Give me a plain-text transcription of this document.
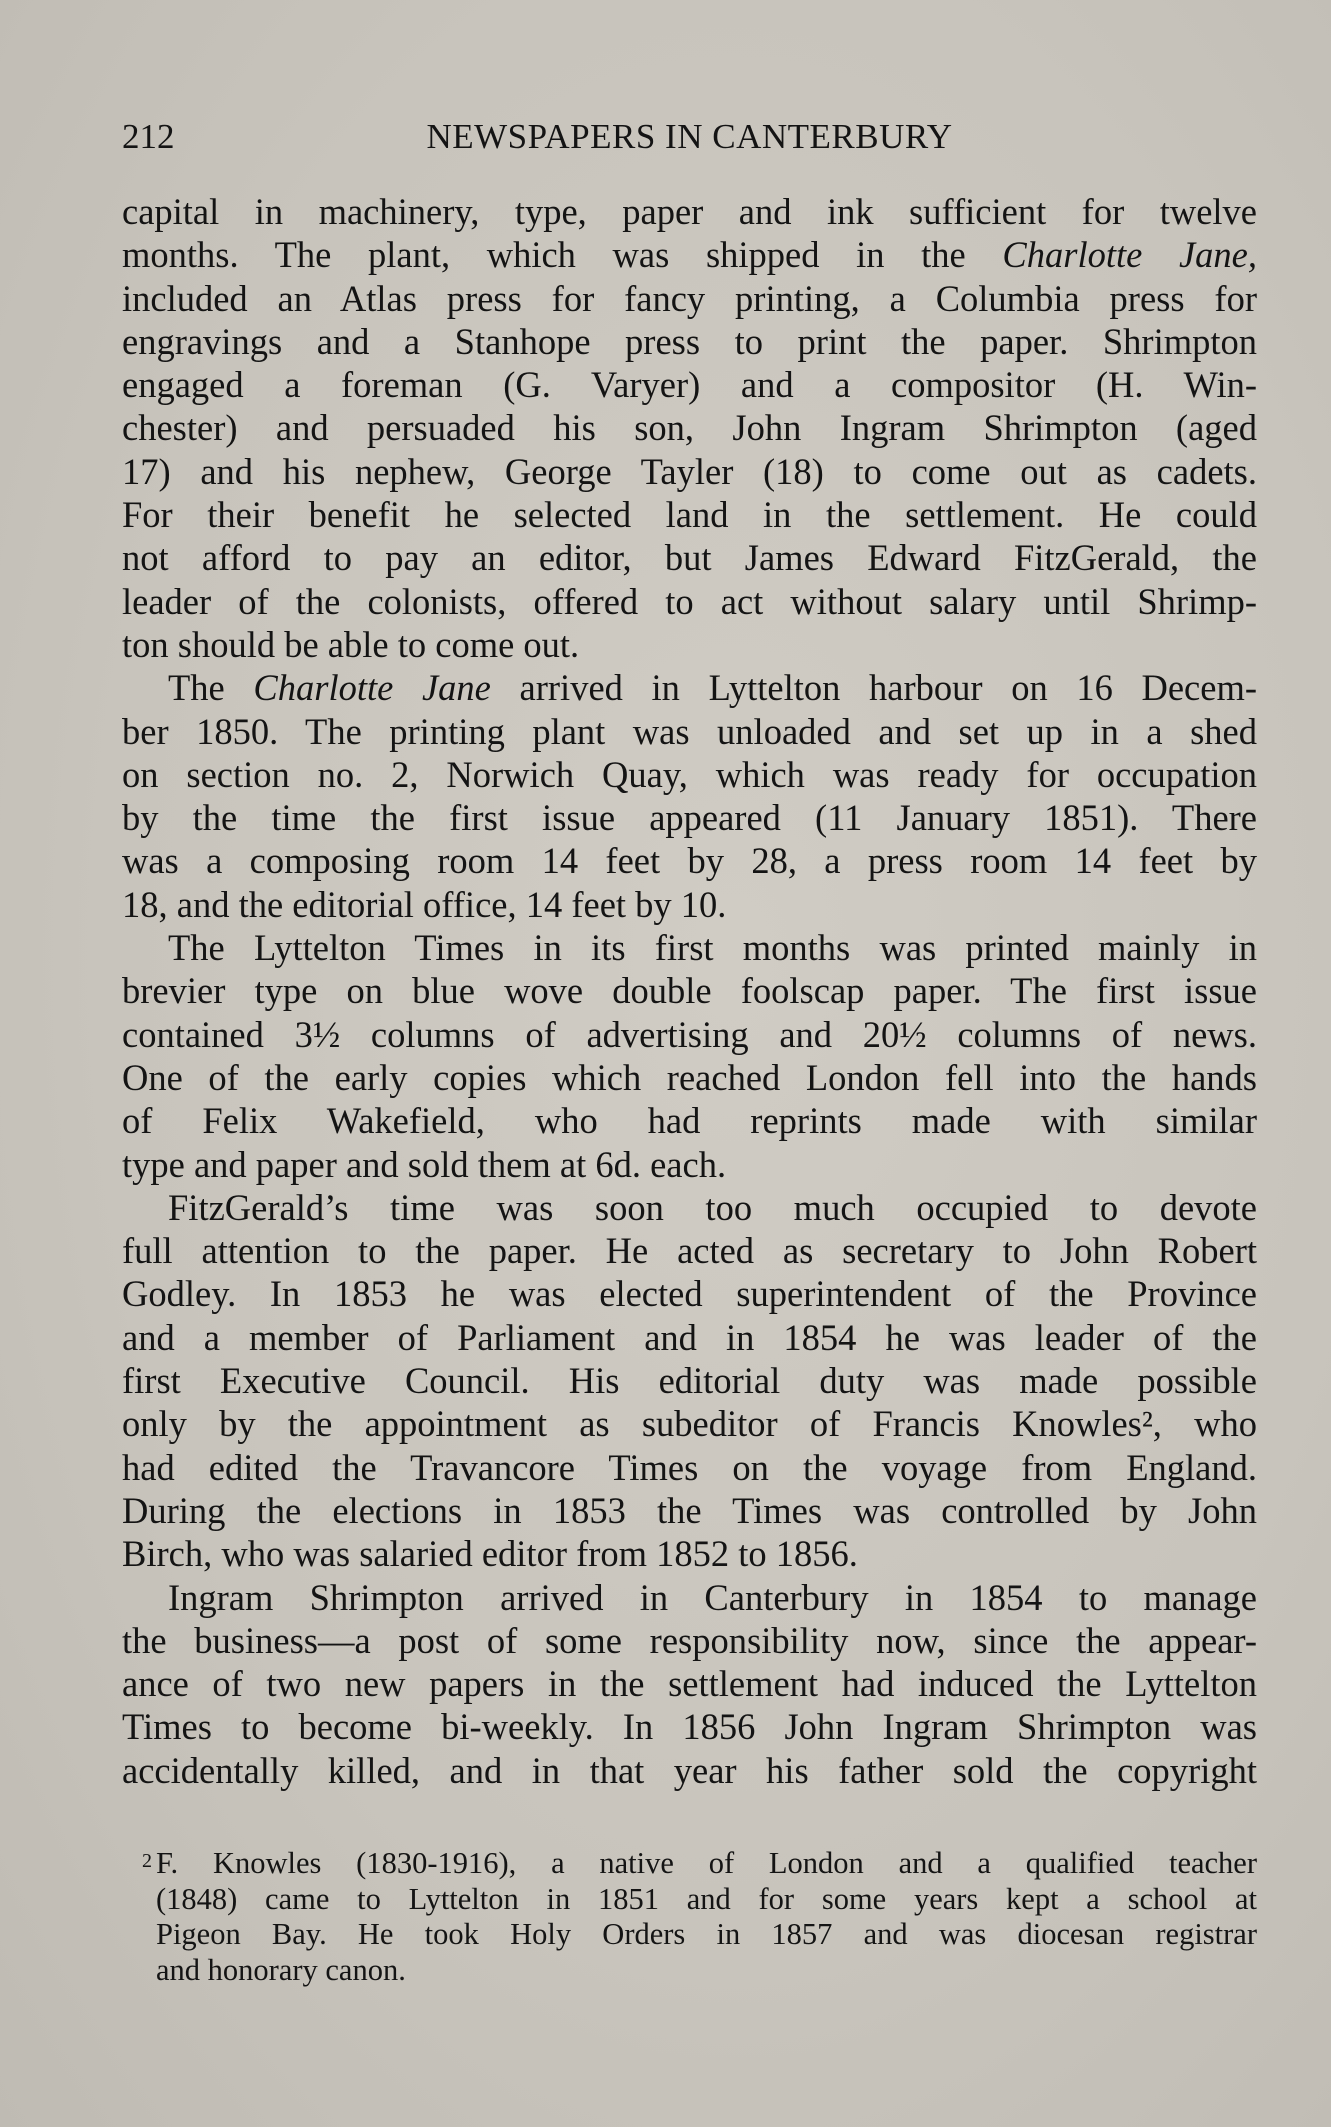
212	NEWSPAPERS IN CANTERBURY
capital in machinery, type, paper and ink sufficient for twelve
months. The plant, which was shipped in the Charlotte Jane,
included an Atlas press for fancy printing, a Columbia press for
engravings and a Stanhope press to print the paper. Shrimpton
engaged a foreman (G. Varyer) and a compositor (H. Win-
chester) and persuaded his son, John Ingram Shrimpton (aged
17) and his nephew, George Tayler (18) to come out as cadets.
For their benefit he selected land in the settlement. He could
not afford to pay an editor, but James Edward FitzGerald, the
leader of the colonists, offered to act without salary until Shrimp-
ton should be able to come out.
The Charlotte Jane arrived in Lyttelton harbour on 16 Decem-
ber 1850. The printing plant was unloaded and set up in a shed
on section no. 2, Norwich Quay, which was ready for occupation
by the time the first issue appeared (11 January 1851). There
was a composing room 14 feet by 28, a press room 14 feet by
18, and the editorial office, 14 feet by 10.
The Lyttelton Times in its first months was printed mainly in
brevier type on blue wove double foolscap paper. The first issue
contained 3½ columns of advertising and 20½ columns of news.
One of the early copies which reached London fell into the hands
of Felix Wakefield, who had reprints made with similar
type and paper and sold them at 6d. each.
FitzGerald’s time was soon too much occupied to devote
full attention to the paper. He acted as secretary to John Robert
Godley. In 1853 he was elected superintendent of the Province
and a member of Parliament and in 1854 he was leader of the
first Executive Council. His editorial duty was made possible
only by the appointment as subeditor of Francis Knowles², who
had edited the Travancore Times on the voyage from England.
During the elections in 1853 the Times was controlled by John
Birch, who was salaried editor from 1852 to 1856.
Ingram Shrimpton arrived in Canterbury in 1854 to manage
the business—a post of some responsibility now, since the appear-
ance of two new papers in the settlement had induced the Lyttelton
Times to become bi-weekly. In 1856 John Ingram Shrimpton was
accidentally killed, and in that year his father sold the copyright
2 F. Knowles (1830-1916), a native of London and a qualified teacher
(1848) came to Lyttelton in 1851 and for some years kept a school at
Pigeon Bay. He took Holy Orders in 1857 and was diocesan registrar
and honorary canon.
